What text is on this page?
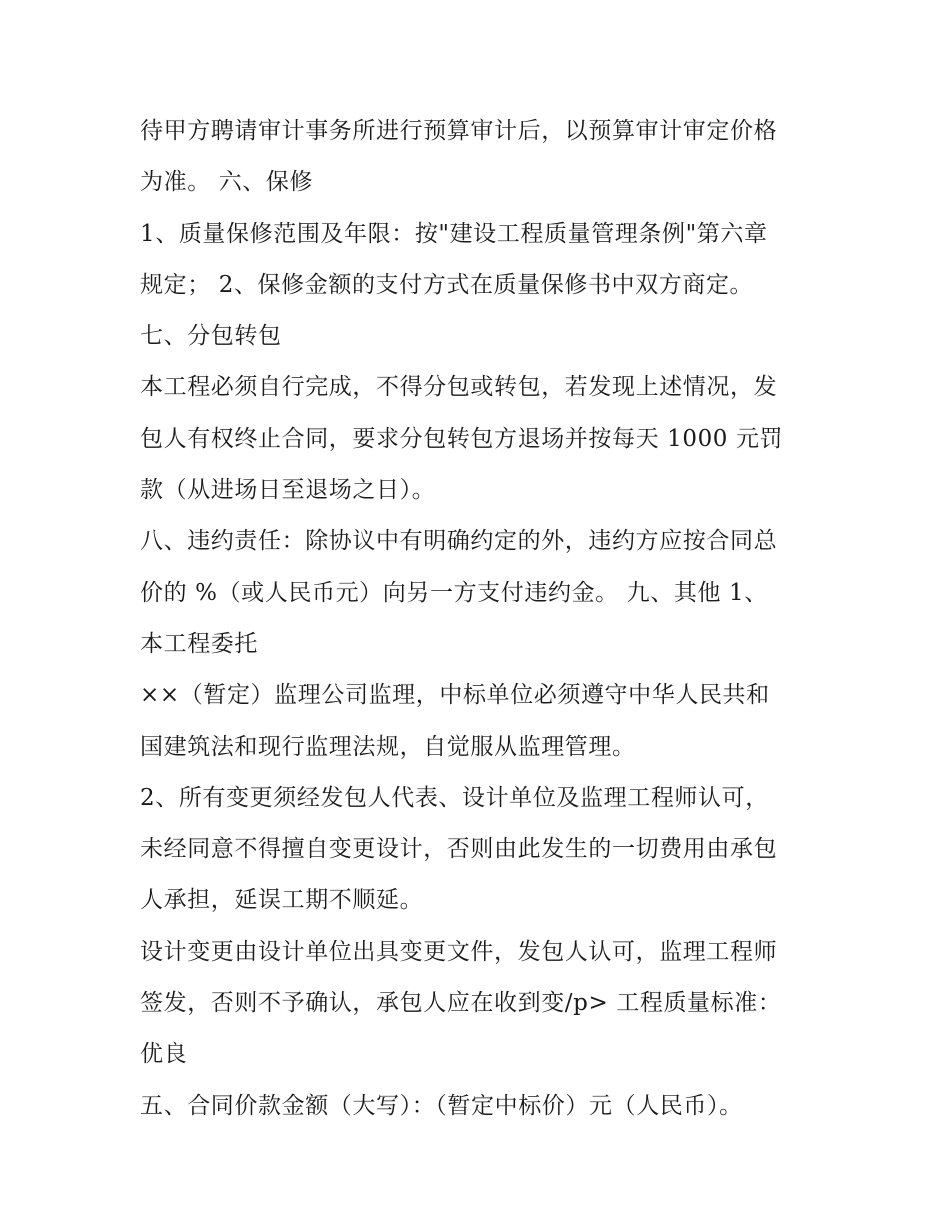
待甲方聘请审计事务所进行预算审计后，以预算审计审定价格
为准。 六、保修
1、质量保修范围及年限：按"建设工程质量管理条例"第六章
规定； 2、保修金额的支付方式在质量保修书中双方商定。
七、分包转包
本工程必须自行完成，不得分包或转包，若发现上述情况，发
包人有权终止合同，要求分包转包方退场并按每天 1000 元罚
款（从进场日至退场之日）。
八、违约责任：除协议中有明确约定的外，违约方应按合同总
价的 %（或人民币元）向另一方支付违约金。 九、其他 1、
本工程委托
××（暂定）监理公司监理，中标单位必须遵守中华人民共和
国建筑法和现行监理法规，自觉服从监理管理。
2、所有变更须经发包人代表、设计单位及监理工程师认可，
未经同意不得擅自变更设计，否则由此发生的一切费用由承包
人承担，延误工期不顺延。
设计变更由设计单位出具变更文件，发包人认可，监理工程师
签发，否则不予确认，承包人应在收到变/p> 工程质量标准：
优良
五、合同价款金额（大写）：（暂定中标价）元（人民币）。
